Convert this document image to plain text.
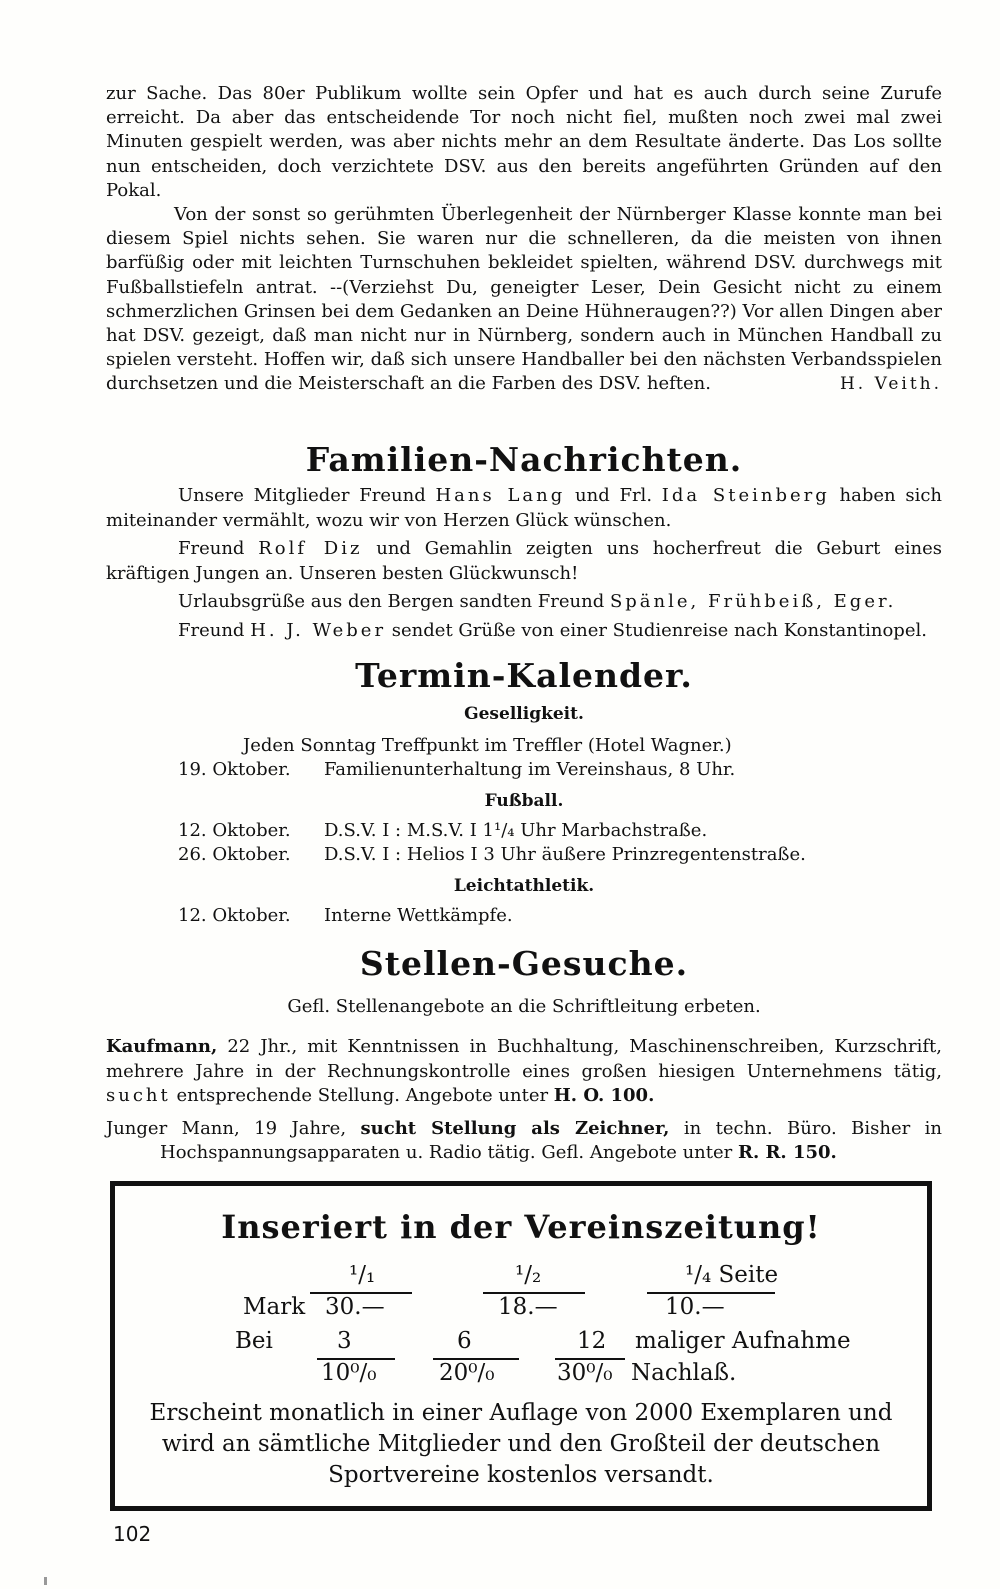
zur Sache. Das 80er Publikum wollte sein Opfer und hat es auch durch seine Zurufe erreicht. Da aber das entscheidende Tor noch nicht fiel, mußten noch zwei mal zwei Minuten gespielt werden, was aber nichts mehr an dem Resultate änderte. Das Los sollte nun entscheiden, doch verzichtete DSV. aus den bereits angeführten Gründen auf den Pokal.

Von der sonst so gerühmten Überlegenheit der Nürnberger Klasse konnte man bei diesem Spiel nichts sehen. Sie waren nur die schnelleren, da die meisten von ihnen barfüßig oder mit leichten Turnschuhen bekleidet spielten, während DSV. durchwegs mit Fußballstiefeln antrat. --(Verziehst Du, geneigter Leser, Dein Gesicht nicht zu einem schmerzlichen Grinsen bei dem Gedanken an Deine Hühneraugen??) Vor allen Dingen aber hat DSV. gezeigt, daß man nicht nur in Nürnberg, sondern auch in München Handball zu spielen versteht. Hoffen wir, daß sich unsere Handballer bei den nächsten Verbandsspielen durchsetzen und die Meisterschaft an die Farben des DSV. heften.	H. Veith.

Familien-Nachrichten.

Unsere Mitglieder Freund Hans Lang und Frl. Ida Steinberg haben sich miteinander vermählt, wozu wir von Herzen Glück wünschen.

Freund Rolf Diz und Gemahlin zeigten uns hocherfreut die Geburt eines kräftigen Jungen an. Unseren besten Glückwunsch!

Urlaubsgrüße aus den Bergen sandten Freund Spänle, Frühbeiß, Eger.

Freund H. J. Weber sendet Grüße von einer Studienreise nach Konstantinopel.

Termin-Kalender.
Geselligkeit.
Jeden Sonntag Treffpunkt im Treffler (Hotel Wagner.)
19. Oktober. Familienunterhaltung im Vereinshaus, 8 Uhr.
Fußball.
12. Oktober. D.S.V. I : M.S.V. I 1¹/₄ Uhr Marbachstraße.
26. Oktober. D.S.V. I : Helios I 3 Uhr äußere Prinzregentenstraße.
Leichtathletik.
12. Oktober. Interne Wettkämpfe.
Stellen-Gesuche.
Gefl. Stellenangebote an die Schriftleitung erbeten.

Kaufmann, 22 Jhr., mit Kenntnissen in Buchhaltung, Maschinenschreiben, Kurzschrift, mehrere Jahre in der Rechnungskontrolle eines großen hiesigen Unternehmens tätig, sucht entsprechende Stellung. Angebote unter H. O. 100.

Junger Mann, 19 Jahre, sucht Stellung als Zeichner, in techn. Büro. Bisher in Hochspannungsapparaten u. Radio tätig. Gefl. Angebote unter R. R. 150.

Inseriert in der Vereinszeitung!
¹/₁	¹/₂	¹/₄ Seite
Mark 30.—	18.—	10.—
Bei	3	6	12 maliger Aufnahme
10⁰/₀	20⁰/₀	30⁰/₀ Nachlaß.
Erscheint monatlich in einer Auflage von 2000 Exemplaren und wird an sämtliche Mitglieder und den Großteil der deutschen Sportvereine kostenlos versandt.
102
